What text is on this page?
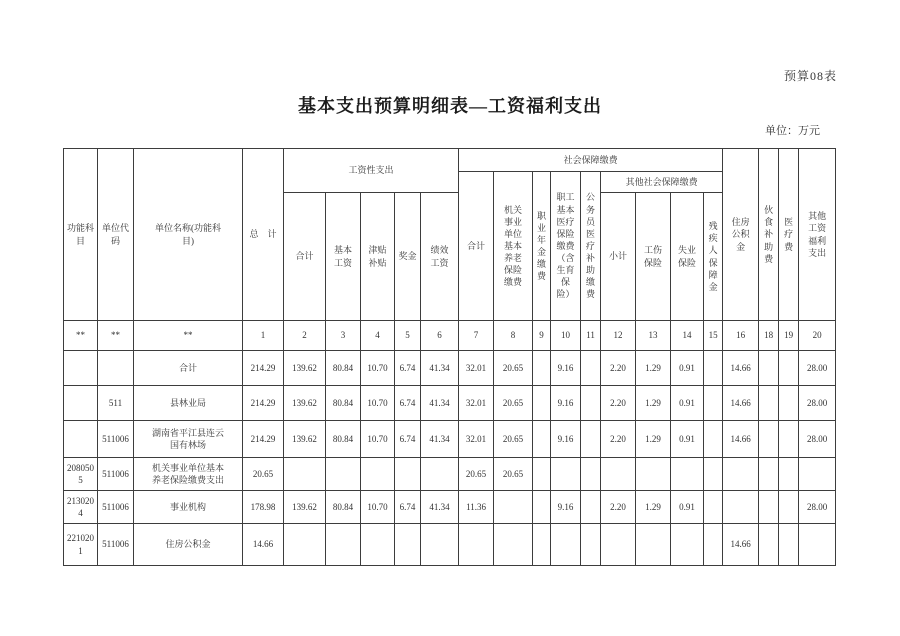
预算08表
基本支出预算明细表—工资福利支出
单位：万元
功能科目	单位代码	单位名称(功能科目)	总　计	工资性支出					社会保障缴费									住房公积金	伙食补助费	医疗费	其他工资福利支出
									合计	机关事业单位基本养老保险缴费	职业年金缴费	职工基本医疗保险缴费（含生育保险）	公务员医疗补助缴费	其他社会保障缴费							
				合计	基本工资	津贴补贴	奖金	绩效工资						小计	工伤保险	失业保险	残疾人保障金				
**	**	**	1	2	3	4	5	6	7	8	9	10	11	12	13	14	15	16	18	19	20
		合计	214.29	139.62	80.84	10.70	6.74	41.34	32.01	20.65		9.16		2.20	1.29	0.91		14.66			28.00
	511	县林业局	214.29	139.62	80.84	10.70	6.74	41.34	32.01	20.65		9.16		2.20	1.29	0.91		14.66			28.00
	511006	湖南省平江县连云国有林场	214.29	139.62	80.84	10.70	6.74	41.34	32.01	20.65		9.16		2.20	1.29	0.91		14.66			28.00
2080505	511006	机关事业单位基本养老保险缴费支出	20.65						20.65	20.65											
2130204	511006	事业机构	178.98	139.62	80.84	10.70	6.74	41.34	11.36			9.16		2.20	1.29	0.91					28.00
2210201	511006	住房公积金	14.66															14.66			
